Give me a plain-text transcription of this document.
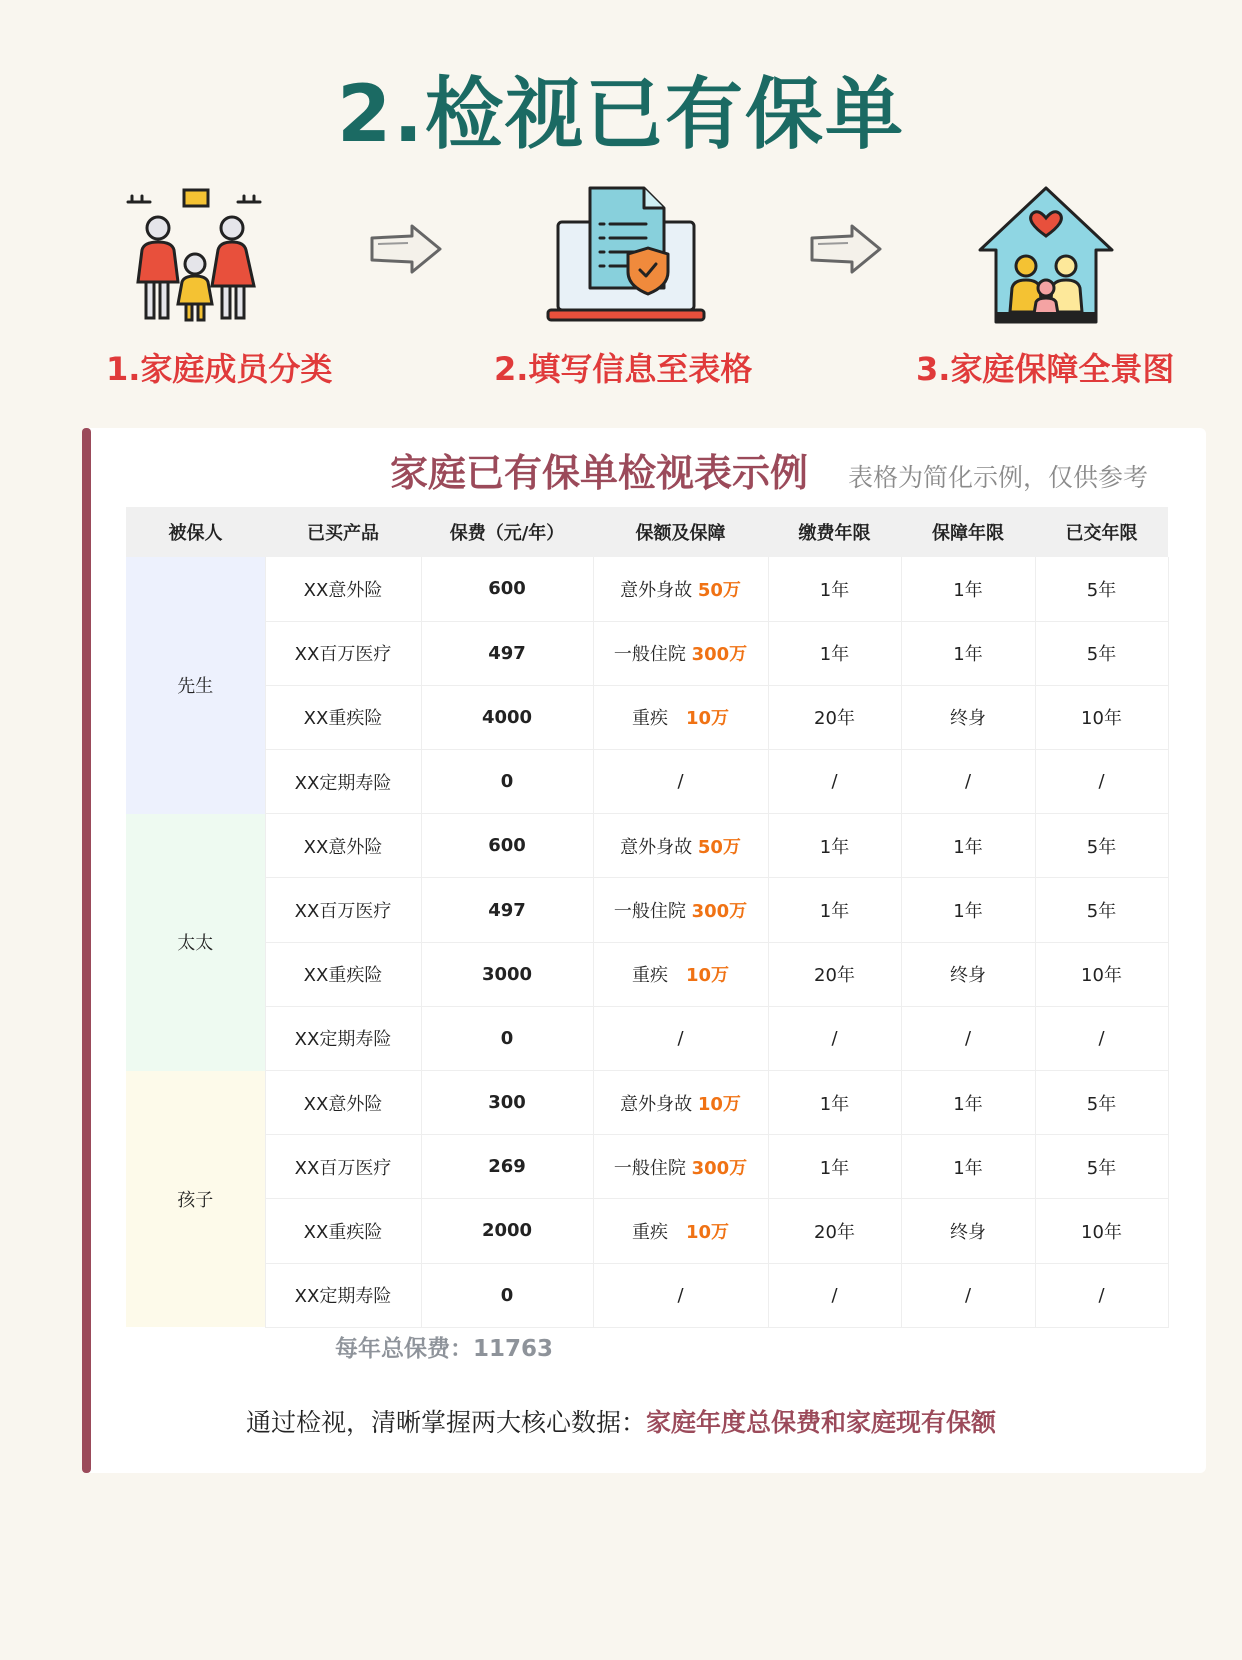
2.检视已有保单
1.家庭成员分类	2.填写信息至表格	3.家庭保障全景图
家庭已有保单检视表示例 表格为简化示例，仅供参考
被保人	已买产品	保费（元/年）	保额及保障	缴费年限	保障年限	已交年限
先生	XX意外险	600	意外身故 50万	1年	1年	5年
	XX百万医疗	497	一般住院 300万	1年	1年	5年
	XX重疾险	4000	重疾　10万	20年	终身	10年
	XX定期寿险	0	/	/	/	/
太太	XX意外险	600	意外身故 50万	1年	1年	5年
	XX百万医疗	497	一般住院 300万	1年	1年	5年
	XX重疾险	3000	重疾　10万	20年	终身	10年
	XX定期寿险	0	/	/	/	/
孩子	XX意外险	300	意外身故 10万	1年	1年	5年
	XX百万医疗	269	一般住院 300万	1年	1年	5年
	XX重疾险	2000	重疾　10万	20年	终身	10年
	XX定期寿险	0	/	/	/	/
每年总保费：11763
通过检视，清晰掌握两大核心数据：家庭年度总保费和家庭现有保额
